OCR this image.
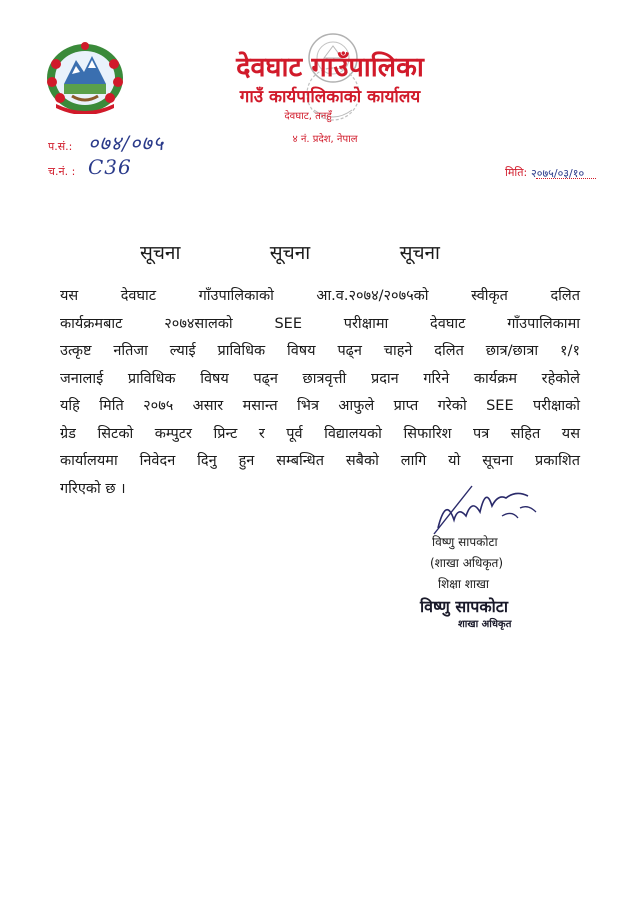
देवघाट गाउँपालिका
गाउँ कार्यपालिकाको कार्यालय
देवघाट, तनहुँ
४ नं. प्रदेश, नेपाल
प.सं.: ०७४/०७५
च.नं. : C36	मिति: २०७५/०३/१०
सूचना	सूचना	सूचना
यस देवघाट गाँउपालिकाको आ.व.२०७४/२०७५को स्वीकृत दलित
कार्यक्रमबाट २०७४सालको SEE परीक्षामा देवघाट गाँउपालिकामा
उत्कृष्ट नतिजा ल्याई प्राविधिक विषय पढ्न चाहने दलित छात्र/छात्रा १/१
जनालाई प्राविधिक विषय पढ्न छात्रवृत्ती प्रदान गरिने कार्यक्रम रहेकोले
यहि मिति २०७५ असार मसान्त भित्र आफुले प्राप्त गरेको SEE परीक्षाको
ग्रेड सिटको कम्पुटर प्रिन्ट र पूर्व विद्यालयको सिफारिश पत्र सहित यस
कार्यालयमा निवेदन दिनु हुन सम्बन्धित सबैको लागि यो सूचना प्रकाशित
गरिएको छ ।
विष्णु सापकोटा
(शाखा अधिकृत)
शिक्षा शाखा
विष्णु सापकोटा
शाखा अधिकृत
